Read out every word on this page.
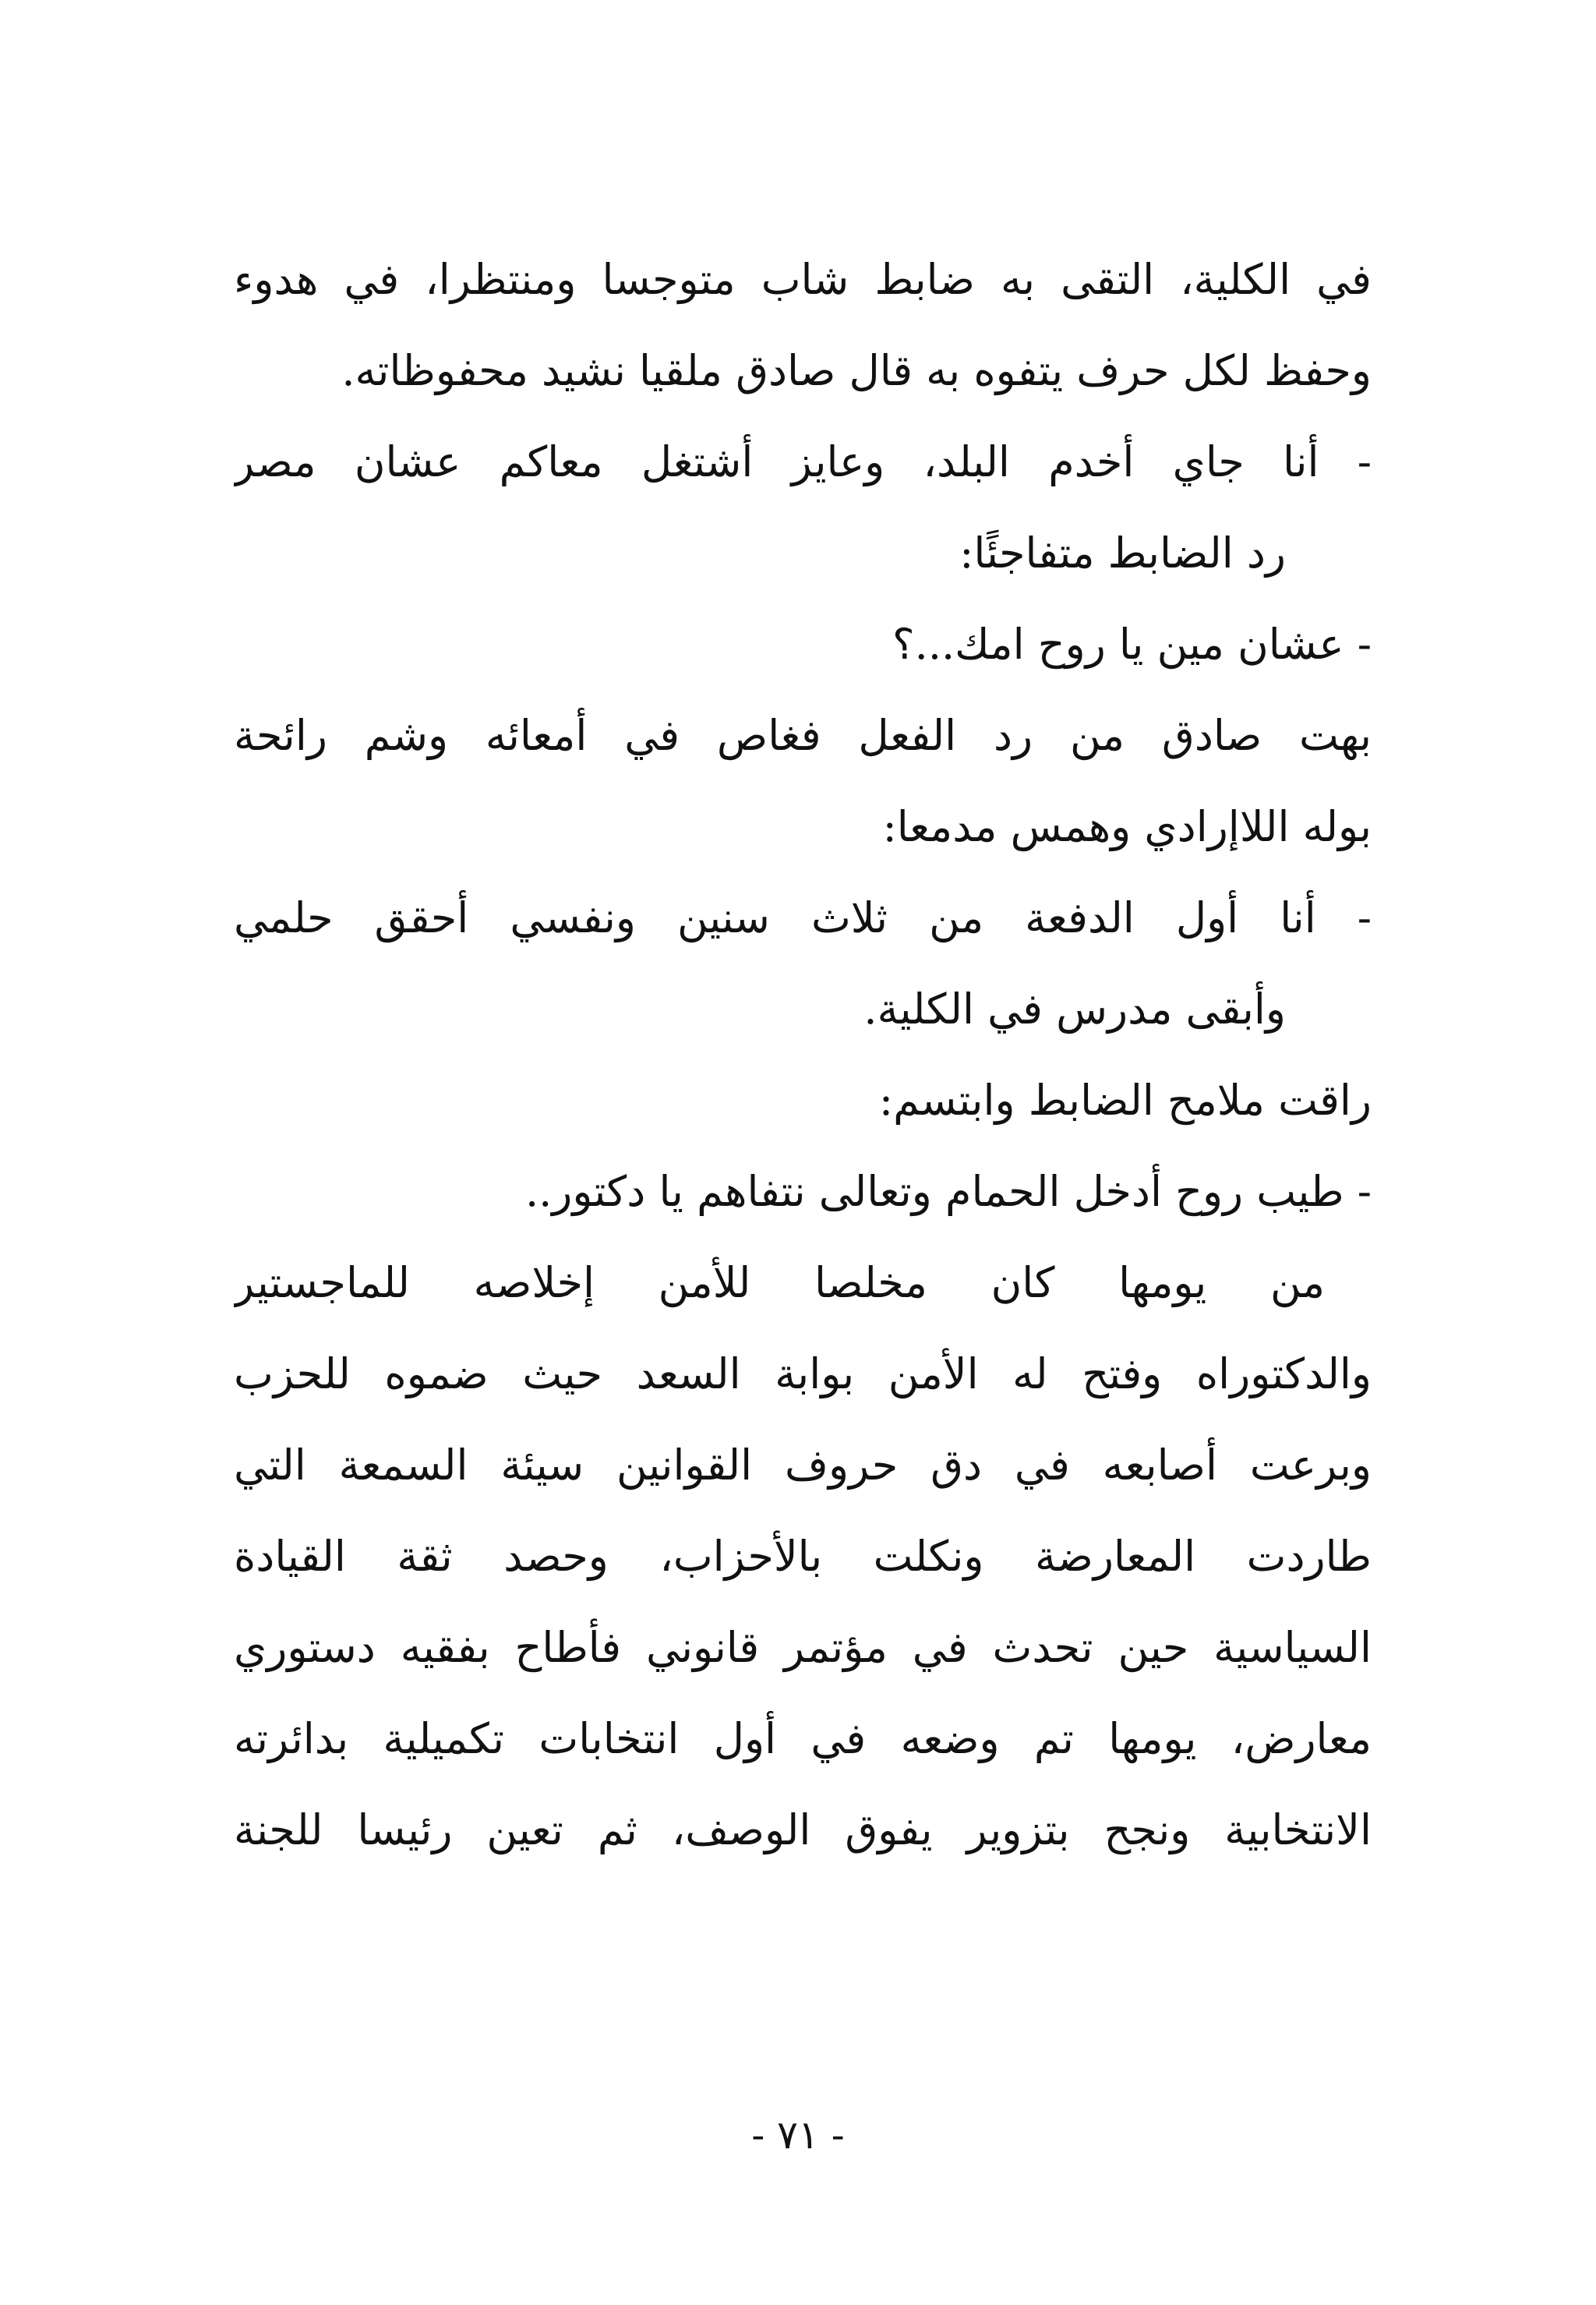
في الكلية، التقى به ضابط شاب متوجسا ومنتظرا، في هدوء
وحفظ لكل حرف يتفوه به قال صادق ملقيا نشيد محفوظاته.
- أنا جاي أخدم البلد، وعايز أشتغل معاكم عشان مصر
رد الضابط متفاجئًا:
- عشان مين يا روح امك...؟
بهت صادق من رد الفعل فغاص في أمعائه وشم رائحة
بوله اللاإرادي وهمس مدمعا:
- أنا أول الدفعة من ثلاث سنين ونفسي أحقق حلمي
وأبقى مدرس في الكلية.
راقت ملامح الضابط وابتسم:
- طيب روح أدخل الحمام وتعالى نتفاهم يا دكتور..
من يومها كان مخلصا للأمن إخلاصه للماجستير
والدكتوراه وفتح له الأمن بوابة السعد حيث ضموه للحزب
وبرعت أصابعه في دق حروف القوانين سيئة السمعة التي
طاردت المعارضة ونكلت بالأحزاب، وحصد ثقة القيادة
السياسية حين تحدث في مؤتمر قانوني فأطاح بفقيه دستوري
معارض، يومها تم وضعه في أول انتخابات تكميلية بدائرته
الانتخابية ونجح بتزوير يفوق الوصف، ثم تعين رئيسا للجنة
- ٧١ -
